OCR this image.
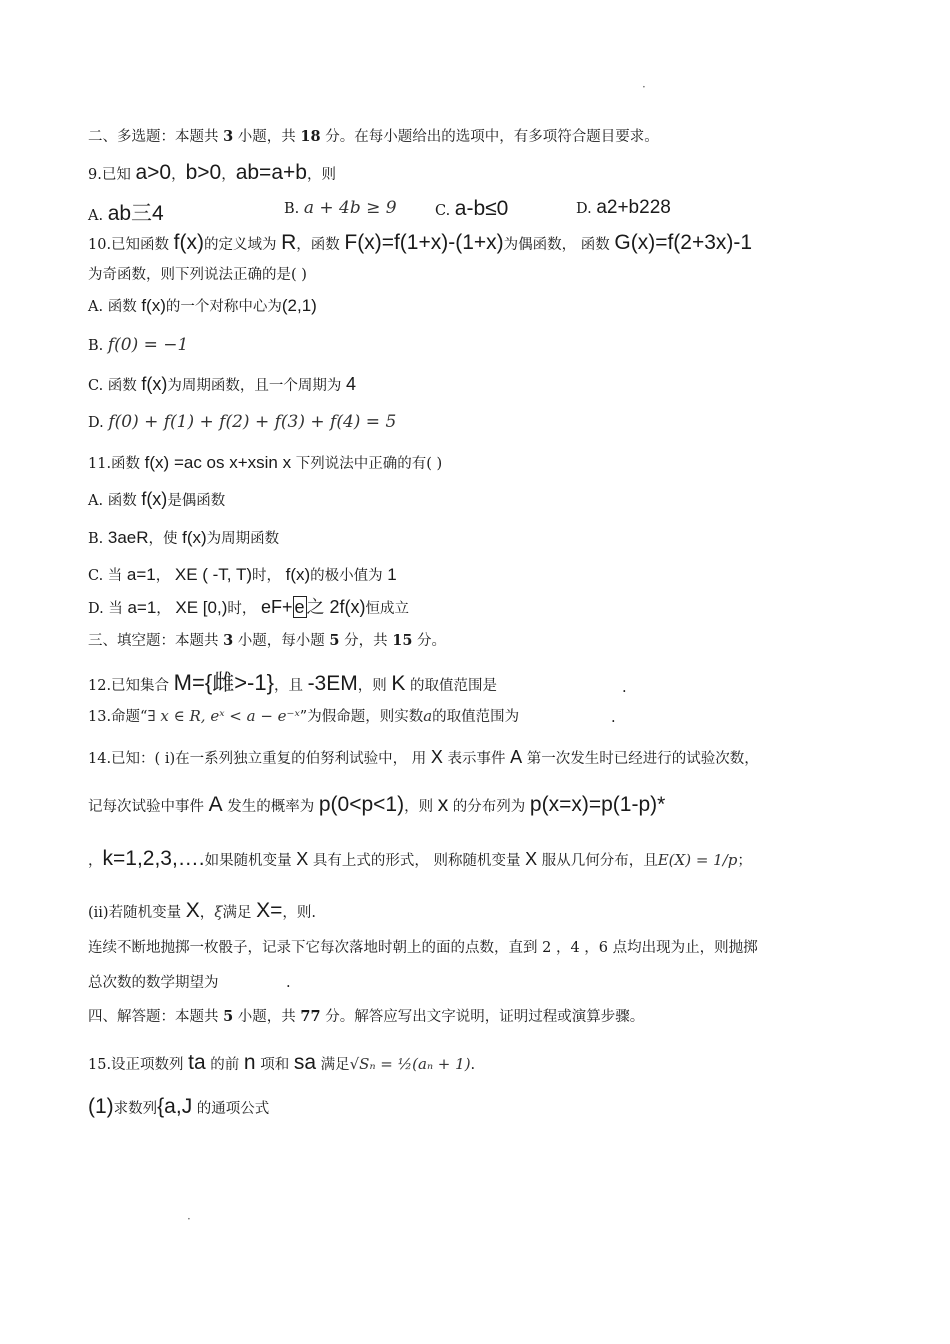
二、多选题：本题共 3 小题，共 18 分。在每小题给出的选项中，有多项符合题目要求。
9.已知 a>0，b>0，ab=a+b，则
A. ab三4	B. a + 4b ≥ 9	C. a-b≤0	D. a2+b228
10.已知函数 f(x)的定义域为 R，函数 F(x)=f(1+x)-(1+x)为偶函数， 函数 G(x)=f(2+3x)-1
为奇函数，则下列说法正确的是( )
A. 函数 f(x)的一个对称中心为(2,1)
B. f(0) = −1
C. 函数 f(x)为周期函数，且一个周期为 4
D. f(0) + f(1) + f(2) + f(3) + f(4) = 5
11.函数 f(x) =ac os x+xsin x 下列说法中正确的有( )
A. 函数 f(x)是偶函数
B. 3aeR，使 f(x)为周期函数
C. 当 a=1， XE ( -T, T)时， f(x)的极小值为 1
D. 当 a=1， XE [0,)时， eF+ e 之 2f(x)恒成立
三、填空题：本题共 3 小题，每小题 5 分，共 15 分。
12.已知集合 M={雌>-1}，且 -3EM，则 K 的取值范围是	.
13.命题“∃ x ∈ R, eˣ < a − e⁻ˣ”为假命题，则实数a的取值范围为	.
14.已知：( ⅰ)在一系列独立重复的伯努利试验中， 用 X 表示事件 A 第一次发生时已经进行的试验次数，
记每次试验中事件 A 发生的概率为 p(0<p<1)，则 x 的分布列为 p(x=x)=p(1-p)*
，k=1,2,3,….如果随机变量 X 具有上式的形式， 则称随机变量 X 服从几何分布，且E(X) = 1/p；
(ⅱ)若随机变量 X，ξ满足 X=，则.
连续不断地抛掷一枚骰子，记录下它每次落地时朝上的面的点数，直到 2 ，4 ，6 点均出现为止，则抛掷
总次数的数学期望为	.
四、解答题：本题共 5 小题，共 77 分。解答应写出文字说明，证明过程或演算步骤。
15.设正项数列 ta 的前 n 项和 sa 满足√Sₙ = ½(aₙ + 1).
(1)求数列{a,J 的通项公式
·
·
